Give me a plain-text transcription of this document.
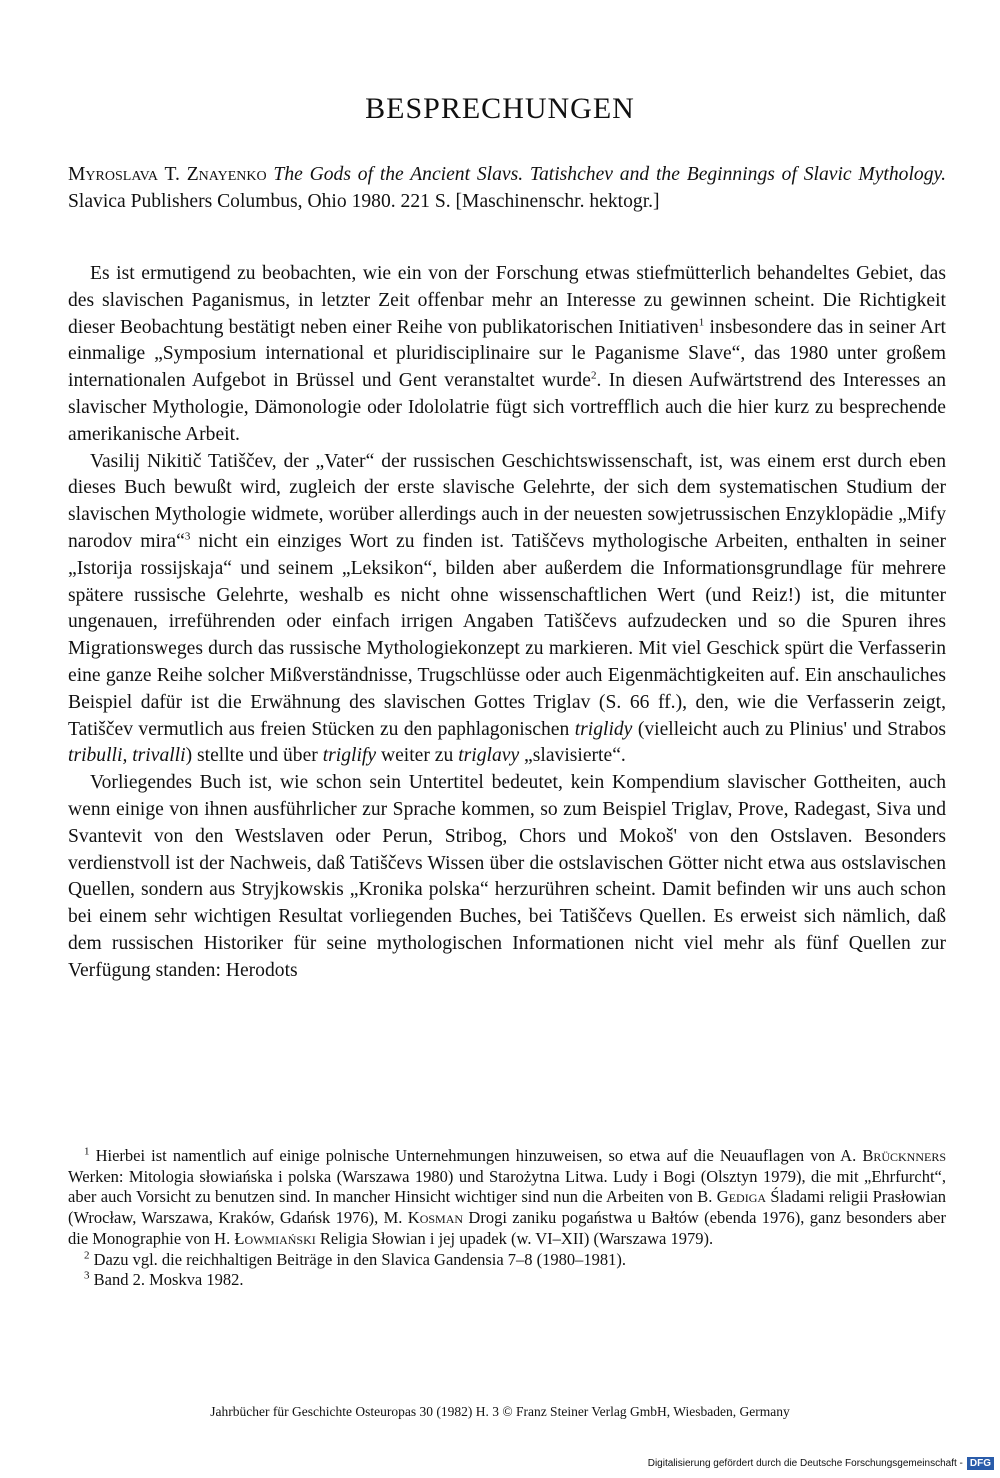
BESPRECHUNGEN
Myroslava T. Znayenko The Gods of the Ancient Slavs. Tatishchev and the Beginnings of Slavic Mythology. Slavica Publishers Columbus, Ohio 1980. 221 S. [Maschinenschr. hektogr.]

Es ist ermutigend zu beobachten, wie ein von der Forschung etwas stiefmütterlich behandeltes Gebiet, das des slavischen Paganismus, in letzter Zeit offenbar mehr an Interesse zu gewinnen scheint. Die Richtigkeit dieser Beobachtung bestätigt neben einer Reihe von publikatorischen Initiativen$^1$ insbesondere das in seiner Art einmalige „Symposium international et pluridisciplinaire sur le Paganisme Slave“, das 1980 unter großem internationalen Aufgebot in Brüssel und Gent veranstaltet wurde$^2$. In diesen Aufwärtstrend des Interesses an slavischer Mythologie, Dämonologie oder Idololatrie fügt sich vortrefflich auch die hier kurz zu besprechende amerikanische Arbeit.

Vasilij Nikitič Tatiščev, der „Vater“ der russischen Geschichtswissenschaft, ist, was einem erst durch eben dieses Buch bewußt wird, zugleich der erste slavische Gelehrte, der sich dem systematischen Studium der slavischen Mythologie widmete, worüber allerdings auch in der neuesten sowjetrussischen Enzyklopädie „Mify narodov mira“$^3$ nicht ein einziges Wort zu finden ist. Tatiščevs mythologische Arbeiten, enthalten in seiner „Istorija rossijskaja“ und seinem „Leksikon“, bilden aber außerdem die Informationsgrundlage für mehrere spätere russische Gelehrte, weshalb es nicht ohne wissenschaftlichen Wert (und Reiz!) ist, die mitunter ungenauen, irreführenden oder einfach irrigen Angaben Tatiščevs aufzudecken und so die Spuren ihres Migrationsweges durch das russische Mythologiekonzept zu markieren. Mit viel Geschick spürt die Verfasserin eine ganze Reihe solcher Mißverständnisse, Trugschlüsse oder auch Eigenmächtigkeiten auf. Ein anschauliches Beispiel dafür ist die Erwähnung des slavischen Gottes Triglav (S. 66 ff.), den, wie die Verfasserin zeigt, Tatiščev vermutlich aus freien Stücken zu den paphlagonischen triglidy (vielleicht auch zu Plinius' und Strabos tribulli, trivalli) stellte und über triglify weiter zu triglavy „slavisierte“.

Vorliegendes Buch ist, wie schon sein Untertitel bedeutet, kein Kompendium slavischer Gottheiten, auch wenn einige von ihnen ausführlicher zur Sprache kommen, so zum Beispiel Triglav, Prove, Radegast, Siva und Svantevit von den Westslaven oder Perun, Stribog, Chors und Mokoš' von den Ostslaven. Besonders verdienstvoll ist der Nachweis, daß Tatiščevs Wissen über die ostslavischen Götter nicht etwa aus ostslavischen Quellen, sondern aus Stryjkowskis „Kronika polska“ herzurühren scheint. Damit befinden wir uns auch schon bei einem sehr wichtigen Resultat vorliegenden Buches, bei Tatiščevs Quellen. Es erweist sich nämlich, daß dem russischen Historiker für seine mythologischen Informationen nicht viel mehr als fünf Quellen zur Verfügung standen: Herodots

$^1$ Hierbei ist namentlich auf einige polnische Unternehmungen hinzuweisen, so etwa auf die Neuauflagen von A. Brücknners Werken: Mitologia słowiańska i polska (Warszawa 1980) und Starożytna Litwa. Ludy i Bogi (Olsztyn 1979), die mit „Ehrfurcht“, aber auch Vorsicht zu benutzen sind. In mancher Hinsicht wichtiger sind nun die Arbeiten von B. Gediga Śladami religii Prasłowian (Wrocław, Warszawa, Kraków, Gdańsk 1976), M. Kosman Drogi zaniku pogaństwa u Bałtów (ebenda 1976), ganz besonders aber die Monographie von H. Łowmiański Religia Słowian i jej upadek (w. VI–XII) (Warszawa 1979).

$^2$ Dazu vgl. die reichhaltigen Beiträge in den Slavica Gandensia 7–8 (1980–1981).

$^3$ Band 2. Moskva 1982.

Jahrbücher für Geschichte Osteuropas 30 (1982) H. 3 © Franz Steiner Verlag GmbH, Wiesbaden, Germany
Digitalisierung gefördert durch die Deutsche Forschungsgemeinschaft - DFG
